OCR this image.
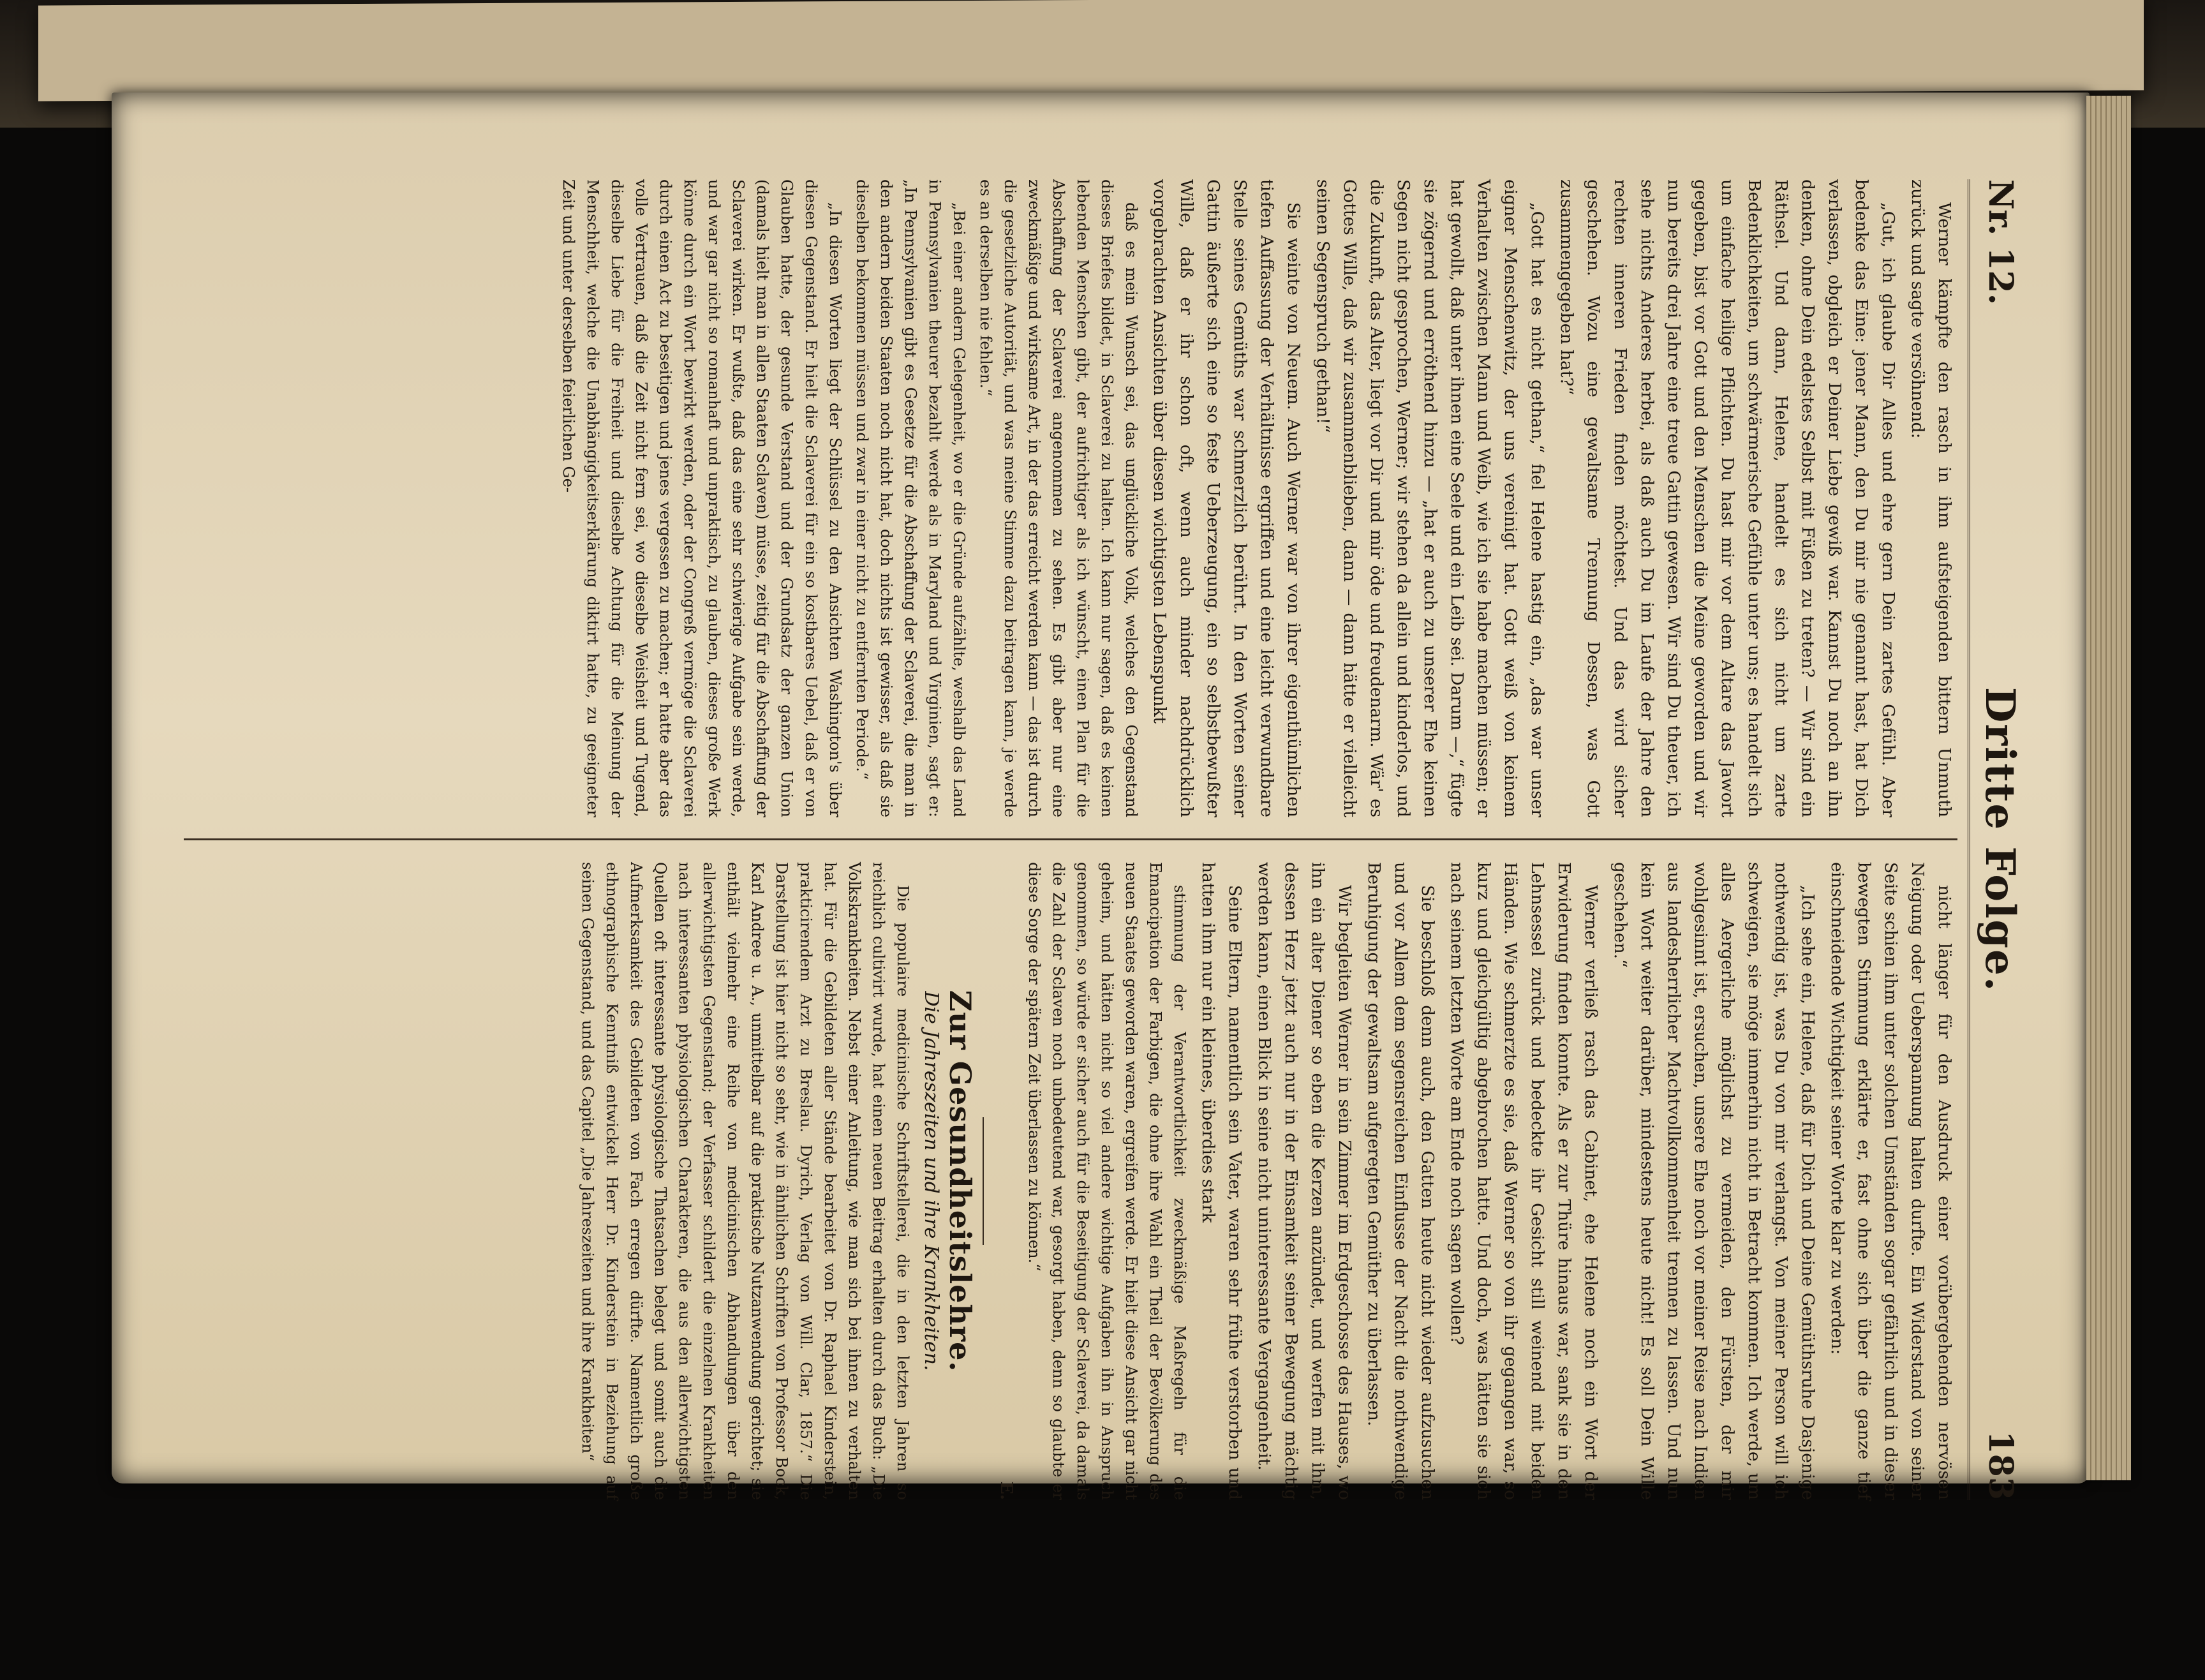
Nr. 12.
Dritte Folge.
183

Werner kämpfte den rasch in ihm aufsteigenden bittern Unmuth zurück und sagte versöhnend:

„Gut, ich glaube Dir Alles und ehre gern Dein zartes Gefühl. Aber bedenke das Eine: jener Mann, den Du mir nie genannt hast, hat Dich verlassen, obgleich er Deiner Liebe gewiß war. Kannst Du noch an ihn denken, ohne Dein edelstes Selbst mit Füßen zu treten? — Wir sind ein Räthsel. Und dann, Helene, handelt es sich nicht um zarte Bedenklichkeiten, um schwärmerische Gefühle unter uns; es handelt sich um einfache heilige Pflichten. Du hast mir vor dem Altare das Jawort gegeben, bist vor Gott und den Menschen die Meine geworden und wir nun bereits drei Jahre eine treue Gattin gewesen. Wir sind Du theuer, ich sehe nichts Anderes herbei, als daß auch Du im Laufe der Jahre den rechten inneren Frieden finden möchtest. Und das wird sicher geschehen. Wozu eine gewaltsame Trennung Dessen, was Gott zusammengegeben hat?“

„Gott hat es nicht gethan,“ fiel Helene hastig ein, „das war unser eigner Menschenwitz, der uns vereinigt hat. Gott weiß von keinem Verhalten zwischen Mann und Weib, wie ich sie habe machen müssen; er hat gewollt, daß unter ihnen eine Seele und ein Leib sei. Darum —,“ fügte sie zögernd und erröthend hinzu — „hat er auch zu unserer Ehe keinen Segen nicht gesprochen, Werner; wir stehen da allein und kinderlos, und die Zukunft, das Alter, liegt vor Dir und mir öde und freudenarm. Wär' es Gottes Wille, daß wir zusammenblieben, dann — dann hätte er vielleicht seinen Segenspruch gethan!“

Sie weinte von Neuem. Auch Werner war von ihrer eigenthümlichen tiefen Auffassung der Verhältnisse ergriffen und eine leicht verwundbare Stelle seines Gemüths war schmerzlich berührt. In den Worten seiner Gattin äußerte sich eine so feste Ueberzeugung, ein so selbstbewußter Wille, daß er ihr schon oft, wenn auch minder nachdrücklich vorgebrachten Ansichten über diesen wichtigsten Lebenspunkt

daß es mein Wunsch sei, das unglückliche Volk, welches den Gegenstand dieses Briefes bildet, in Sclaverei zu halten. Ich kann nur sagen, daß es keinen lebenden Menschen gibt, der aufrichtiger als ich wünscht, einen Plan für die Abschaffung der Sclaverei angenommen zu sehen. Es gibt aber nur eine zweckmäßige und wirksame Art, in der das erreicht werden kann — das ist durch die gesetzliche Autorität, und was meine Stimme dazu beitragen kann, je werde es an derselben nie fehlen.“

„Bei einer andern Gelegenheit, wo er die Gründe aufzählte, weshalb das Land in Pennsylvanien theurer bezahlt werde als in Maryland und Virginien, sagt er: „In Pennsylvanien gibt es Gesetze für die Abschaffung der Sclaverei, die man in den andern beiden Staaten noch nicht hat, doch nichts ist gewisser, als daß sie dieselben bekommen müssen und zwar in einer nicht zu entfernten Periode.“

„In diesen Worten liegt der Schlüssel zu den Ansichten Washington's über diesen Gegenstand. Er hielt die Sclaverei für ein so kostbares Uebel, daß er von Glauben hatte, der gesunde Verstand und der Grundsatz der ganzen Union (damals hielt man in allen Staaten Sclaven) müsse, zeitig für die Abschaffung der Sclaverei wirken. Er wußte, daß das eine sehr schwierige Aufgabe sein werde, und war gar nicht so romanhaft und unpraktisch, zu glauben, dieses große Werk könne durch ein Wort bewirkt werden, oder der Congreß vermöge die Sclaverei durch einen Act zu beseitigen und jenes vergessen zu machen; er hatte aber das volle Vertrauen, daß die Zeit nicht fern sei, wo dieselbe Weisheit und Tugend, dieselbe Liebe für die Freiheit und dieselbe Achtung für die Meinung der Menschheit, welche die Unabhängigkeitserklärung diktirt hatte, zu geeigneter Zeit und unter derselben feierlichen Ge-

nicht länger für den Ausdruck einer vorübergehenden nervösen Neigung oder Ueberspannung halten durfte. Ein Widerstand von seiner Seite schien ihm unter solchen Umständen sogar gefährlich und in dieser bewegten Stimmung erklärte er, fast ohne sich über die ganze tief einschneidende Wichtigkeit seiner Worte klar zu werden:

„Ich sehe ein, Helene, daß für Dich und Deine Gemüthsruhe Dasjenige nothwendig ist, was Du von mir verlangst. Von meiner Person will ich schweigen, sie möge immerhin nicht in Betracht kommen. Ich werde, um alles Aergerliche möglichst zu vermeiden, den Fürsten, der mir wohlgesinnt ist, ersuchen, unsere Ehe noch vor meiner Reise nach Indien aus landesherrlicher Machtvollkommenheit trennen zu lassen. Und nun kein Wort weiter darüber, mindestens heute nicht! Es soll Dein Wille geschehen.“

Werner verließ rasch das Cabinet, ehe Helene noch ein Wort der Erwiderung finden konnte. Als er zur Thüre hinaus war, sank sie in den Lehnsessel zurück und bedeckte ihr Gesicht still weinend mit beiden Händen. Wie schmerzte es sie, daß Werner so von ihr gegangen war, so kurz und gleichgültig abgebrochen hatte. Und doch, was hätten sie sich nach seinem letzten Worte am Ende noch sagen wollen?

Sie beschloß denn auch, den Gatten heute nicht wieder aufzusuchen und vor Allem dem segensreichen Einflusse der Nacht die nothwendige Beruhigung der gewaltsam aufgeregten Gemüther zu überlassen.

Wir begleiten Werner in sein Zimmer im Erdgeschosse des Hauses, wo ihn ein alter Diener so eben die Kerzen anzündet, und werfen mit ihm, dessen Herz jetzt auch nur in der Einsamkeit seiner Bewegung mächtig werden kann, einen Blick in seine nicht uninteressante Vergangenheit.

Seine Eltern, namentlich sein Vater, waren sehr frühe verstorben und hatten ihm nur ein kleines, überdies stark

stimmung der Verantwortlichkeit zweckmäßige Maßregeln für die Emancipation der Farbigen, die ohne ihre Wahl ein Theil der Bevölkerung des neuen Staates geworden waren, ergreifen werde. Er hielt diese Ansicht gar nicht geheim, und hätten nicht so viel andere wichtige Aufgaben ihn in Anspruch genommen, so würde er sicher auch für die Beseitigung der Sclaverei, da damals die Zahl der Sclaven noch unbedeutend war, gesorgt haben, denn so glaubte er diese Sorge der spätern Zeit überlassen zu können.“

E.

Zur Gesundheitslehre.

Die Jahreszeiten und ihre Krankheiten.

Die populaire medicinische Schriftstellerei, die in den letzten Jahren so reichlich cultivirt wurde, hat einen neuen Beitrag erhalten durch das Buch: „Die Volkskrankheiten. Nebst einer Anleitung, wie man sich bei ihnen zu verhalten hat. Für die Gebildeten aller Stände bearbeitet von Dr. Raphael Kinderstein, prakticirendem Arzt zu Breslau. Dyrich, Verlag von Will. Clar, 1857.“ Die Darstellung ist hier nicht so sehr, wie in ähnlichen Schriften von Professor Bock, Karl Andree u. A., unmittelbar auf die praktische Nutzanwendung gerichtet; sie enthält vielmehr eine Reihe von medicinischen Abhandlungen über den allerwichtigsten Gegenstand; der Verfasser schildert die einzelnen Krankheiten nach interessanten physiologischen Charakteren, die aus den allerwichtigsten Quellen oft interessante physiologische Thatsachen belegt und somit auch die Aufmerksamkeit des Gebildeten von Fach erregen dürfte. Namentlich große ethnographische Kenntniß entwickelt Herr Dr. Kinderstein in Beziehung auf seinen Gegenstand, und das Capitel „Die Jahreszeiten und ihre Krankheiten“
